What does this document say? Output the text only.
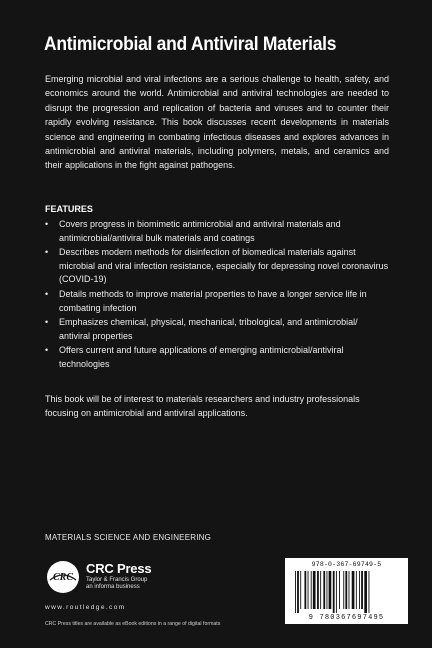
Antimicrobial and Antiviral Materials

Emerging microbial and viral infections are a serious challenge to health, safety, and economics around the world. Antimicrobial and antiviral technologies are needed to disrupt the progression and replication of bacteria and viruses and to counter their rapidly evolving resistance. This book discusses recent developments in materials science and engineering in combating infectious diseases and explores advances in antimicrobial and antiviral materials, including polymers, metals, and ceramics and their applications in the fight against pathogens.

FEATURES
• Covers progress in biomimetic antimicrobial and antiviral materials and antimicrobial/antiviral bulk materials and coatings
• Describes modern methods for disinfection of biomedical materials against microbial and viral infection resistance, especially for depressing novel coronavirus (COVID-19)
• Details methods to improve material properties to have a longer service life in combating infection
• Emphasizes chemical, physical, mechanical, tribological, and antimicrobial/ antiviral properties
• Offers current and future applications of emerging antimicrobial/antiviral technologies

This book will be of interest to materials researchers and industry professionals focusing on antimicrobial and antiviral applications.

MATERIALS SCIENCE AND ENGINEERING
CRC
CRC Press
Taylor & Francis Group
an informa business
www.routledge.com
CRC Press titles are available as eBook editions in a range of digital formats
978-0-367-69749-5
9 780367697495
